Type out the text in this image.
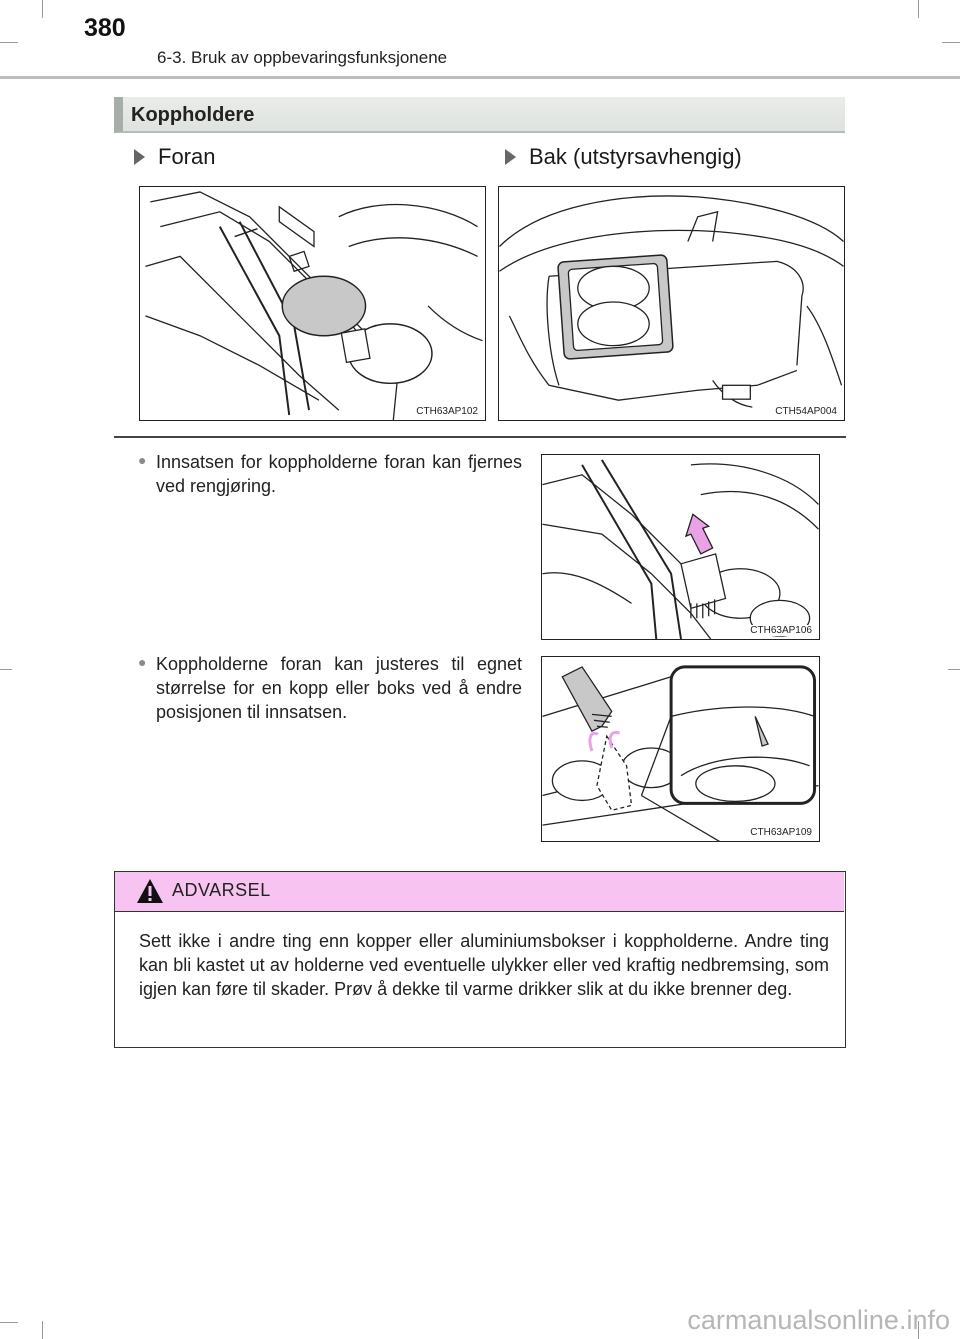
380
6-3. Bruk av oppbevaringsfunksjonene
Koppholdere
Foran	Bak (utstyrsavhengig)
CTH63AP102	CTH54AP004
● Innsatsen for koppholderne foran kan fjernes ved rengjøring.
CTH63AP106
● Koppholderne foran kan justeres til egnet størrelse for en kopp eller boks ved å endre posisjonen til innsatsen.
CTH63AP109
ADVARSEL
Sett ikke i andre ting enn kopper eller aluminiumsbokser i koppholderne. Andre ting kan bli kastet ut av holderne ved eventuelle ulykker eller ved kraftig nedbremsing, som igjen kan føre til skader. Prøv å dekke til varme drikker slik at du ikke brenner deg.
carmanualsonline.info
